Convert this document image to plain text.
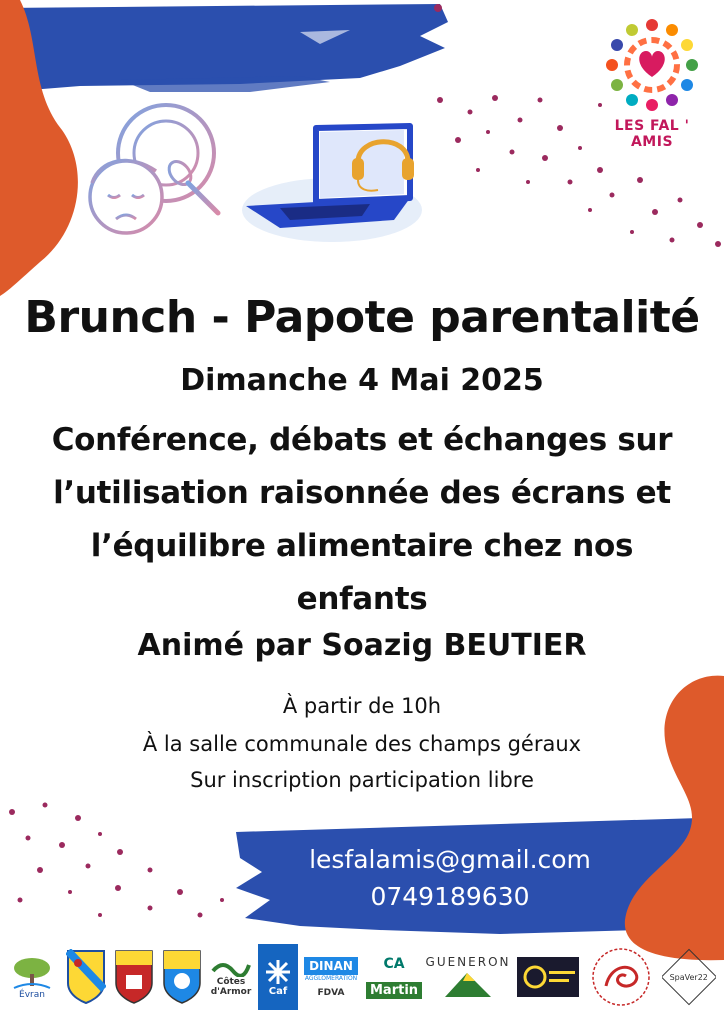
LES FAL ' AMIS
Brunch - Papote parentalité
Dimanche 4 Mai 2025
Conférence, débats et échanges sur
l’utilisation raisonnée des écrans et
l’équilibre alimentaire chez nos
enfants
Animé par Soazig BEUTIER
À partir de 10h
À la salle communale des champs géraux
Sur inscription participation libre
lesfalamis@gmail.com
0749189630
Évran
Côtes d'Armor Caf
DINAN
AGGLOMÉRATION
FDVA
CA
Martin
GUENERON
SpaVer22
